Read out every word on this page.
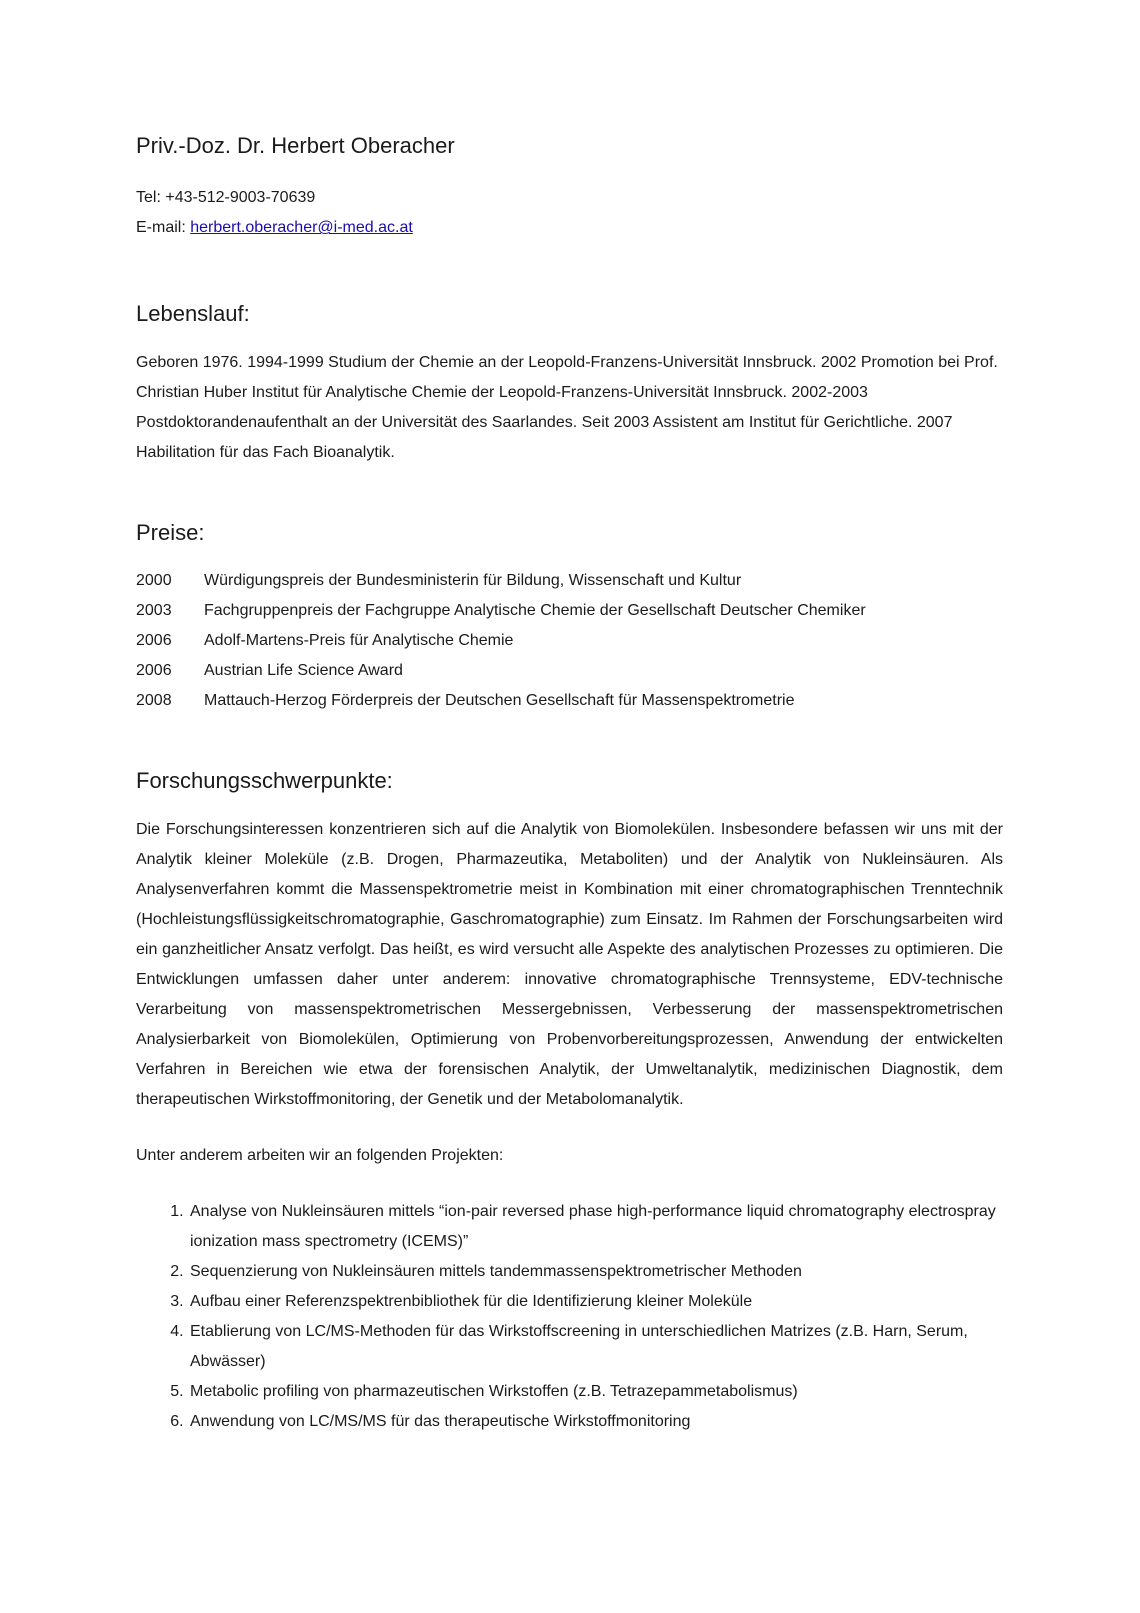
Priv.-Doz. Dr. Herbert Oberacher

Tel: +43-512-9003-70639

E-mail: herbert.oberacher@i-med.ac.at

Lebenslauf:

Geboren 1976. 1994-1999 Studium der Chemie an der Leopold-Franzens-Universität Innsbruck. 2002 Promotion bei Prof. Christian Huber Institut für Analytische Chemie der Leopold-Franzens-Universität Innsbruck. 2002-2003 Postdoktorandenaufenthalt an der Universität des Saarlandes. Seit 2003 Assistent am Institut für Gerichtliche. 2007 Habilitation für das Fach Bioanalytik.

Preise:
2000	Würdigungspreis der Bundesministerin für Bildung, Wissenschaft und Kultur
2003	Fachgruppenpreis der Fachgruppe Analytische Chemie der Gesellschaft Deutscher Chemiker
2006	Adolf-Martens-Preis für Analytische Chemie
2006	Austrian Life Science Award
2008	Mattauch-Herzog Förderpreis der Deutschen Gesellschaft für Massenspektrometrie
Forschungsschwerpunkte:

Die Forschungsinteressen konzentrieren sich auf die Analytik von Biomolekülen. Insbesondere befassen wir uns mit der Analytik kleiner Moleküle (z.B. Drogen, Pharmazeutika, Metaboliten) und der Analytik von Nukleinsäuren. Als Analysenverfahren kommt die Massenspektrometrie meist in Kombination mit einer chromatographischen Trenntechnik (Hochleistungsflüssigkeitschromatographie, Gaschromatographie) zum Einsatz. Im Rahmen der Forschungsarbeiten wird ein ganzheitlicher Ansatz verfolgt. Das heißt, es wird versucht alle Aspekte des analytischen Prozesses zu optimieren. Die Entwicklungen umfassen daher unter anderem: innovative chromatographische Trennsysteme, EDV-technische Verarbeitung von massenspektrometrischen Messergebnissen, Verbesserung der massenspektrometrischen Analysierbarkeit von Biomolekülen, Optimierung von Probenvorbereitungsprozessen, Anwendung der entwickelten Verfahren in Bereichen wie etwa der forensischen Analytik, der Umweltanalytik, medizinischen Diagnostik, dem therapeutischen Wirkstoffmonitoring, der Genetik und der Metabolomanalytik.

Unter anderem arbeiten wir an folgenden Projekten:

1. Analyse von Nukleinsäuren mittels “ion-pair reversed phase high-performance liquid chromatography electrospray ionization mass spectrometry (ICEMS)”
2. Sequenzierung von Nukleinsäuren mittels tandemmassenspektrometrischer Methoden
3. Aufbau einer Referenzspektrenbibliothek für die Identifizierung kleiner Moleküle
4. Etablierung von LC/MS-Methoden für das Wirkstoffscreening in unterschiedlichen Matrizes (z.B. Harn, Serum, Abwässer)
5. Metabolic profiling von pharmazeutischen Wirkstoffen (z.B. Tetrazepammetabolismus)
6. Anwendung von LC/MS/MS für das therapeutische Wirkstoffmonitoring
